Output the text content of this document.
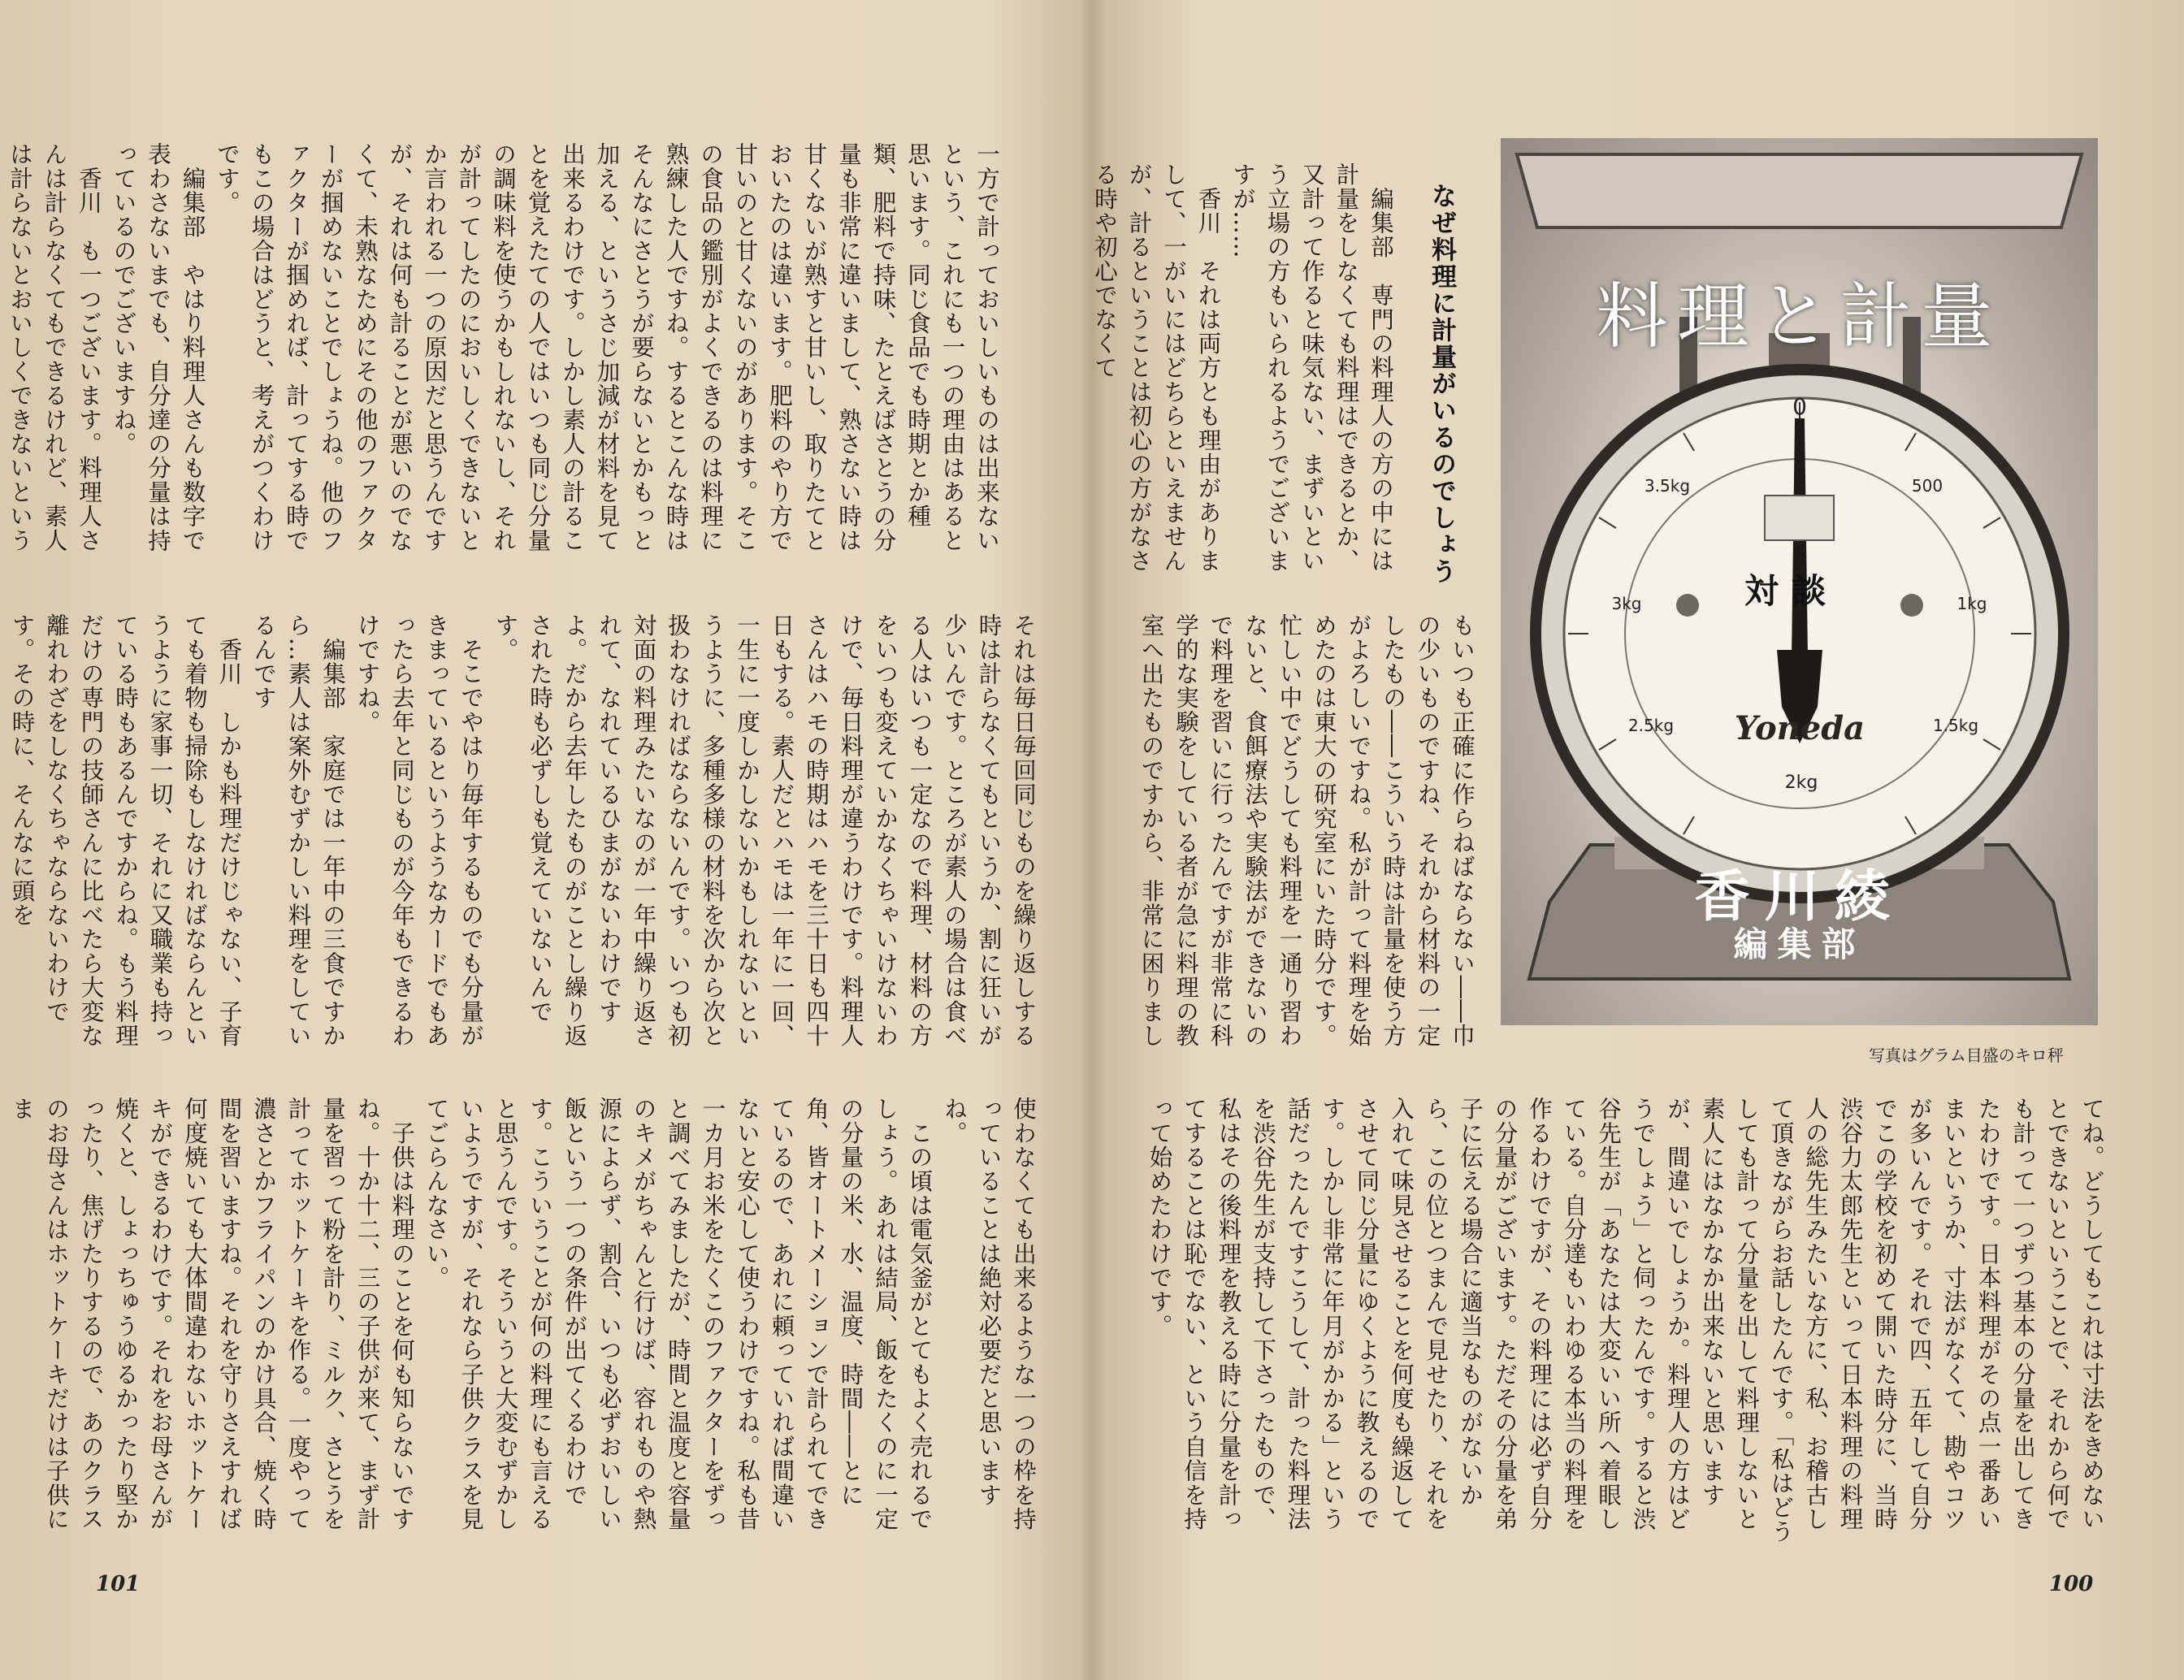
一方で計っておいしいものは出来ないという、これにも一つの理由はあると思います。同じ食品でも時期とか種類、肥料で持味、たとえばさとうの分量も非常に違いまして、熟さない時は甘くないが熟すと甘いし、取りたてとおいたのは違います。肥料のやり方で甘いのと甘くないのがあります。そこの食品の鑑別がよくできるのは料理に熟練した人ですね。するとこんな時はそんなにさとうが要らないとかもっと加える、というさじ加減が材料を見て出来るわけです。しかし素人の計ることを覚えたての人ではいつも同じ分量の調味料を使うかもしれないし、それが計ってしたのにおいしくできないとか言われる一つの原因だと思うんですが、それは何も計ることが悪いのでなくて、未熟なためにその他のファクターが掴めないことでしょうね。他のファクターが掴めれば、計ってする時でもこの場合はどうと、考えがつくわけです。
　編集部　やはり料理人さんも数字で表わさないまでも、自分達の分量は持っているのでございますね。
　香川　も一つございます。料理人さんは計らなくてもできるけれど、素人は計らないとおいしくできないという
それは毎日毎回同じものを繰り返しする時は計らなくてもというか、割に狂いが少いんです。ところが素人の場合は食べる人はいつも一定なので料理、材料の方をいつも変えていかなくちゃいけないわけで、毎日料理が違うわけです。料理人さんはハモの時期はハモを三十日も四十日もする。素人だとハモは一年に一回、一生に一度しかしないかもしれないというように、多種多様の材料を次から次と扱わなければならないんです。いつも初対面の料理みたいなのが一年中繰り返されて、なれているひまがないわけですよ。だから去年したものがことし繰り返された時も必ずしも覚えていないんです。
　そこでやはり毎年するものでも分量がきまっているというようなカードでもあったら去年と同じものが今年もできるわけですね。
　編集部　家庭では一年中の三食ですから…素人は案外むずかしい料理をしているんです
　香川　しかも料理だけじゃない、子育ても着物も掃除もしなければならんというように家事一切、それに又職業も持っている時もあるんですからね。もう料理だけの専門の技師さんに比べたら大変な離れわざをしなくちゃならないわけです。その時に、そんなに頭を
使わなくても出来るような一つの枠を持っていることは絶対必要だと思いますね。
　この頃は電気釜がとてもよく売れるでしょう。あれは結局、飯をたくのに一定の分量の米、水、温度、時間――とに角、皆オートメーションで計られてできているので、あれに頼っていれば間違いないと安心して使うわけですね。私も昔一カ月お米をたくこのファクターをずっと調べてみましたが、時間と温度と容量のキメがちゃんと行けば、容れものや熱源によらず、割合、いつも必ずおいしい飯という一つの条件が出てくるわけです。こういうことが何の料理にも言えると思うんです。そういうと大変むずかしいようですが、それなら子供クラスを見てごらんなさい。
　子供は料理のことを何も知らないですね。十か十二、三の子供が来て、まず計量を習って粉を計り、ミルク、さとうを計ってホットケーキを作る。一度やって濃さとかフライパンのかけ具合、焼く時間を習いますね。それを守りさえすれば何度焼いても大体間違わないホットケーキができるわけです。それをお母さんが焼くと、しょっちゅうゆるかったり堅かったり、焦げたりするので、あのクラスのお母さんはホットケーキだけは子供にま
101
　編集部　専門の料理人の方の中には計量をしなくても料理はできるとか、又計って作ると味気ない、まずいという立場の方もいられるようでございますが……
　香川　それは両方とも理由がありまして、一がいにはどちらといえませんが、計るということは初心の方がなさる時や初心でなくて	なぜ料理に計量がいるのでしょう
もいつも正確に作らねばならない――巾の少いものですね、それから材料の一定したもの――こういう時は計量を使う方がよろしいですね。私が計って料理を始めたのは東大の研究室にいた時分です。忙しい中でどうしても料理を一通り習わないと、食餌療法や実験法ができないので料理を習いに行ったんですが非常に科学的な実験をしている者が急に料理の教室へ出たものですから、非常に困りまし
てね。どうしてもこれは寸法をきめないとできないということで、それから何でも計って一つずつ基本の分量を出してきたわけです。日本料理がその点一番あいまいというか、寸法がなくて、勘やコツが多いんです。それで四、五年して自分でこの学校を初めて開いた時分に、当時渋谷力太郎先生といって日本料理の料理人の総先生みたいな方に、私、お稽古して頂きながらお話したんです。「私はどうしても計って分量を出して料理しないと素人にはなかなか出来ないと思いますが、間違いでしょうか。料理人の方はどうでしょう」と伺ったんです。すると渋谷先生が「あなたは大変いい所へ着眼している。自分達もいわゆる本当の料理を作るわけですが、その料理には必ず自分の分量がございます。ただその分量を弟子に伝える場合に適当なものがないから、この位とつまんで見せたり、それを入れて味見させることを何度も繰返してさせて同じ分量にゆくように教えるのです。しかし非常に年月がかかる」という話だったんですこうして、計った料理法を渋谷先生が支持して下さったもので、私はその後料理を教える時に分量を計ってすることは恥でない、という自信を持って始めたわけです。
100
0
500
1kg
1.5kg
2kg
2.5kg
3kg
3.5kg
Yoneda
料理と計量
対談
香川綾
編集部
写真はグラム目盛のキロ秤
